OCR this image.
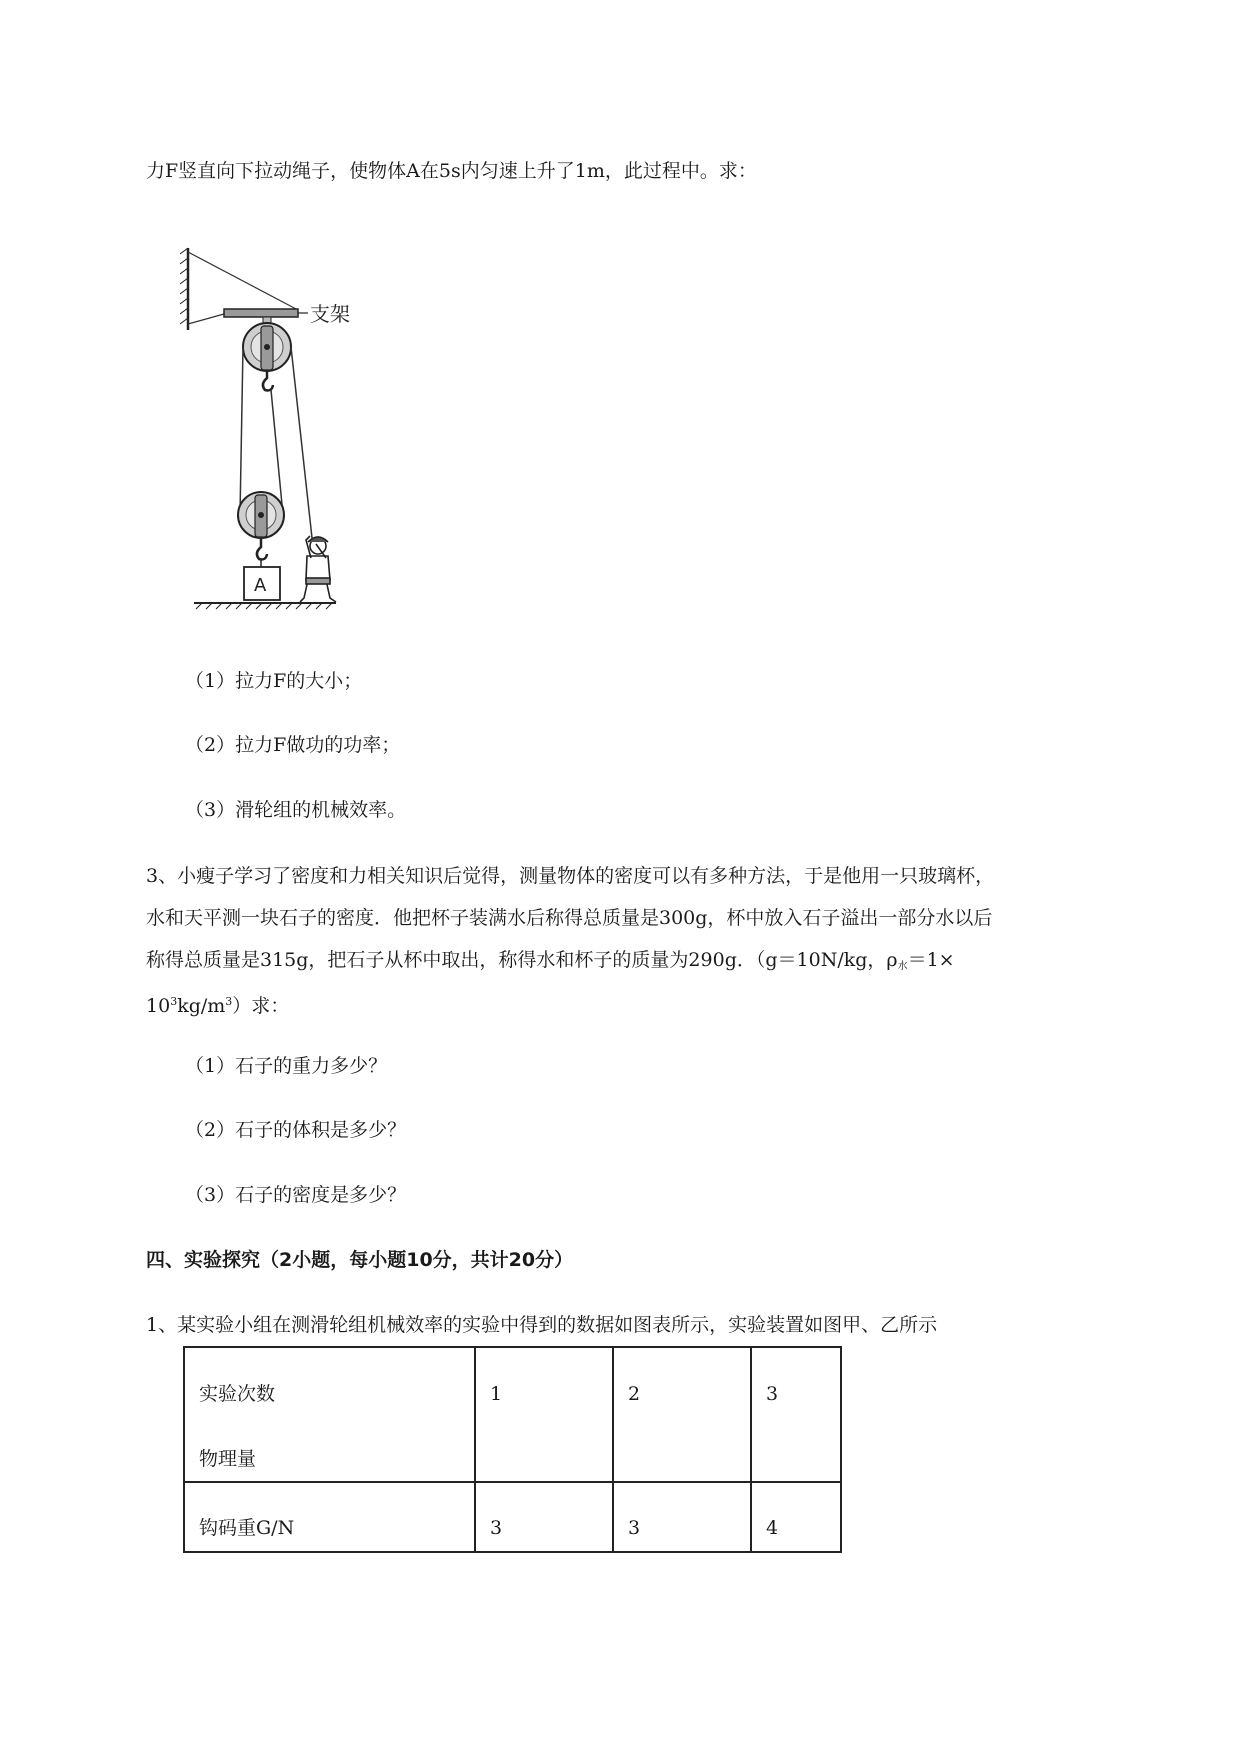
力F竖直向下拉动绳子，使物体A在5s内匀速上升了1m，此过程中。求：
支架
A
（1）拉力F的大小；
（2）拉力F做功的功率；
（3）滑轮组的机械效率。
3、小瘦子学习了密度和力相关知识后觉得，测量物体的密度可以有多种方法，于是他用一只玻璃杯，
水和天平测一块石子的密度．他把杯子装满水后称得总质量是300g，杯中放入石子溢出一部分水以后
称得总质量是315g，把石子从杯中取出，称得水和杯子的质量为290g．（g＝10N/kg，$\rho_水=1\times$
$10^3kg/m^3$）求：
（1）石子的重力多少？
（2）石子的体积是多少？
（3）石子的密度是多少？
四、实验探究（2小题，每小题10分，共计20分）
1、某实验小组在测滑轮组机械效率的实验中得到的数据如图表所示，实验装置如图甲、乙所示
实验次数
物理量	1	2	3

钩码重G/N	3	3	4
